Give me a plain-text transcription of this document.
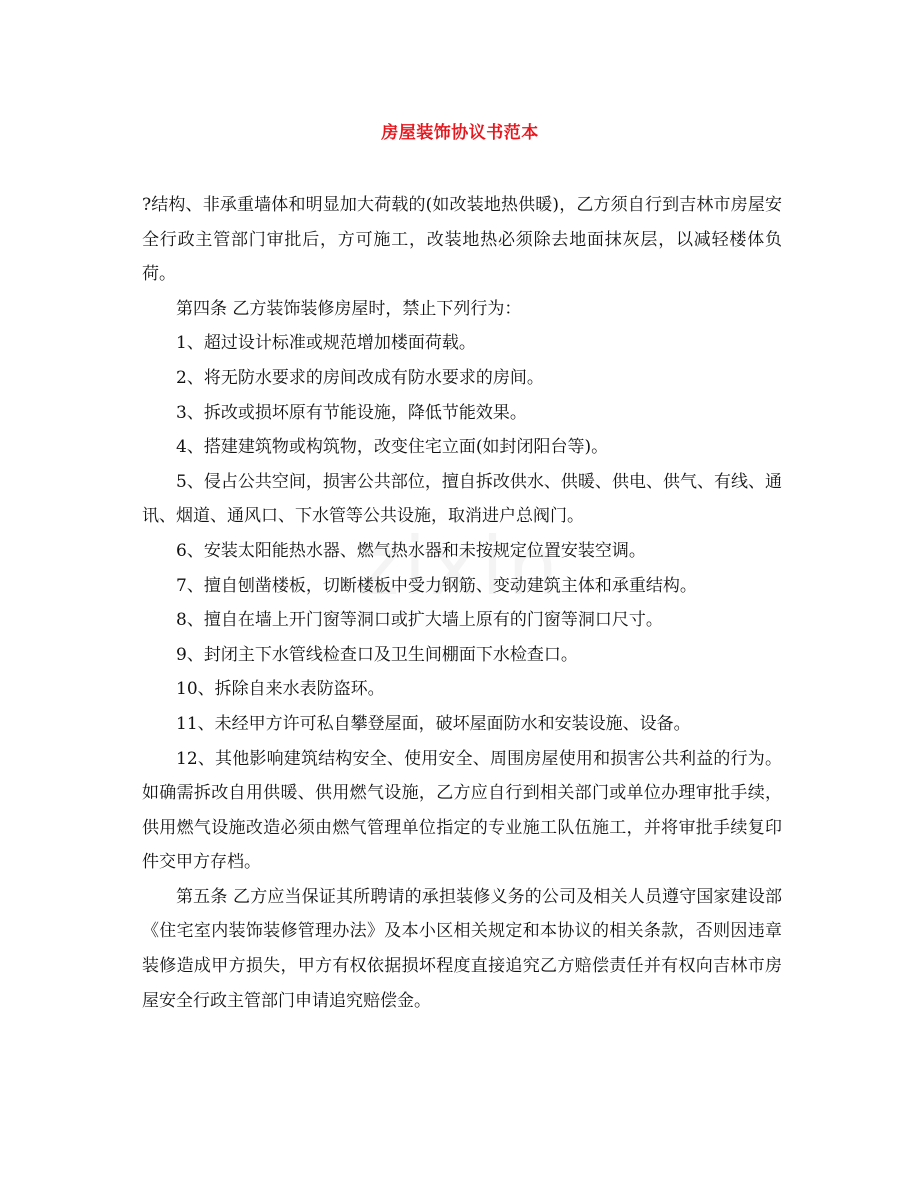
房屋装饰协议书范本

?结构、非承重墙体和明显加大荷载的(如改装地热供暖)，乙方须自行到吉林市房屋安全行政主管部门审批后，方可施工，改装地热必须除去地面抹灰层，以减轻楼体负荷。

第四条 乙方装饰装修房屋时，禁止下列行为：

1、超过设计标准或规范增加楼面荷载。

2、将无防水要求的房间改成有防水要求的房间。

3、拆改或损坏原有节能设施，降低节能效果。

4、搭建建筑物或构筑物，改变住宅立面(如封闭阳台等)。

5、侵占公共空间，损害公共部位，擅自拆改供水、供暖、供电、供气、有线、通讯、烟道、通风口、下水管等公共设施，取消进户总阀门。

6、安装太阳能热水器、燃气热水器和未按规定位置安装空调。

7、擅自刨凿楼板，切断楼板中受力钢筋、变动建筑主体和承重结构。

8、擅自在墙上开门窗等洞口或扩大墙上原有的门窗等洞口尺寸。

9、封闭主下水管线检查口及卫生间棚面下水检查口。

10、拆除自来水表防盗环。

11、未经甲方许可私自攀登屋面，破坏屋面防水和安装设施、设备。

12、其他影响建筑结构安全、使用安全、周围房屋使用和损害公共利益的行为。 如确需拆改自用供暖、供用燃气设施，乙方应自行到相关部门或单位办理审批手续，供用燃气设施改造必须由燃气管理单位指定的专业施工队伍施工，并将审批手续复印件交甲方存档。

第五条 乙方应当保证其所聘请的承担装修义务的公司及相关人员遵守国家建设部《住宅室内装饰装修管理办法》及本小区相关规定和本协议的相关条款，否则因违章装修造成甲方损失，甲方有权依据损坏程度直接追究乙方赔偿责任并有权向吉林市房屋安全行政主管部门申请追究赔偿金。
